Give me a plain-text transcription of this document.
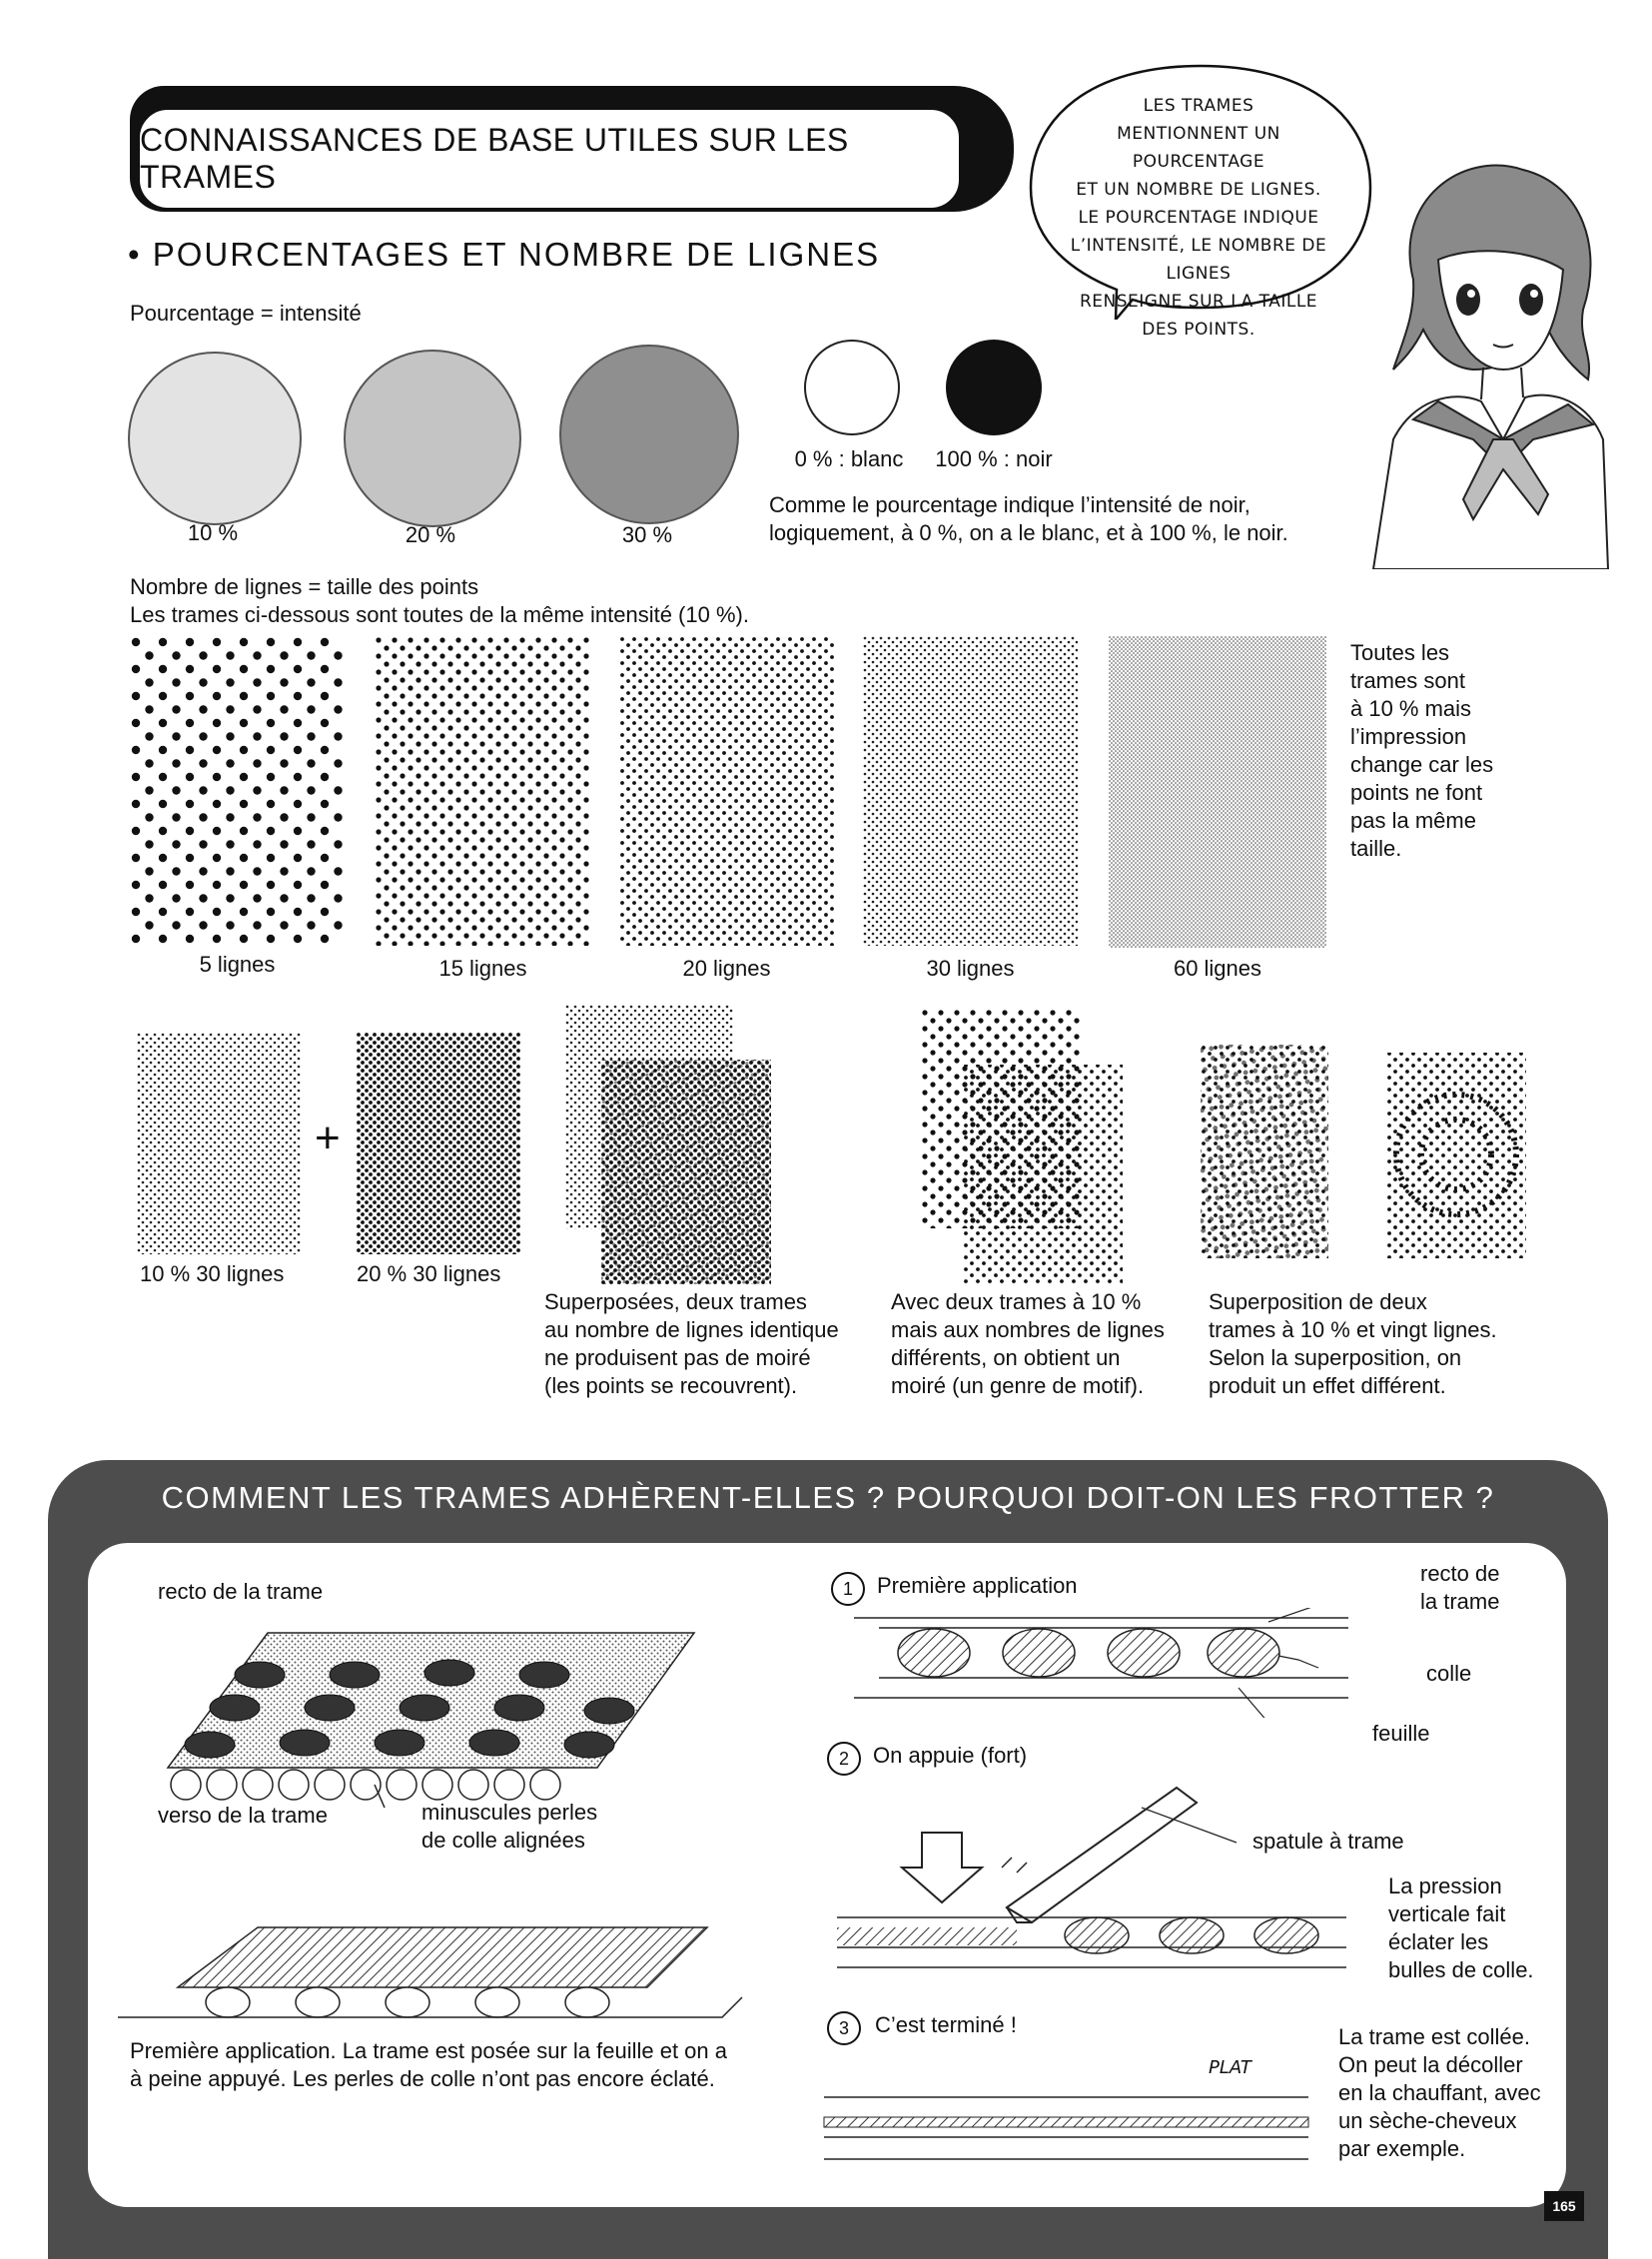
CONNAISSANCES DE BASE UTILES SUR LES TRAMES
• POURCENTAGES ET NOMBRE DE LIGNES
LES TRAMES
MENTIONNENT UN POURCENTAGE
ET UN NOMBRE DE LIGNES.
LE POURCENTAGE INDIQUE
L’INTENSITÉ, LE NOMBRE DE LIGNES
RENSEIGNE SUR LA TAILLE
DES POINTS.
Pourcentage = intensité
10 %	20 %	30 %
0 % : blanc	100 % : noir
Comme le pourcentage indique l’intensité de noir,
logiquement, à 0 %, on a le blanc, et à 100 %, le noir.
Nombre de lignes = taille des points
Les trames ci-dessous sont toutes de la même intensité (10 %).
5 lignes	15 lignes	20 lignes	30 lignes	60 lignes
Toutes les
trames sont
à 10 % mais
l’impression
change car les
points ne font
pas la même
taille.
+
10 % 30 lignes	20 % 30 lignes
Superposées, deux trames
au nombre de lignes identique
ne produisent pas de moiré
(les points se recouvrent).
Avec deux trames à 10 %
mais aux nombres de lignes
différents, on obtient un
moiré (un genre de motif).
Superposition de deux
trames à 10 % et vingt lignes.
Selon la superposition, on
produit un effet différent.
COMMENT LES TRAMES ADHÈRENT-ELLES ? POURQUOI DOIT-ON LES FROTTER ?
recto de la trame
verso de la trame	minuscules perles
de colle alignées
Première application. La trame est posée sur la feuille et on a
à peine appuyé. Les perles de colle n’ont pas encore éclaté.
1	Première application	recto de
la trame
colle
feuille
2	On appuie (fort)
spatule à trame
La pression
verticale fait
éclater les
bulles de colle.
3	C’est terminé !
PLAT
La trame est collée.
On peut la décoller
en la chauffant, avec
un sèche-cheveux
par exemple.
165
